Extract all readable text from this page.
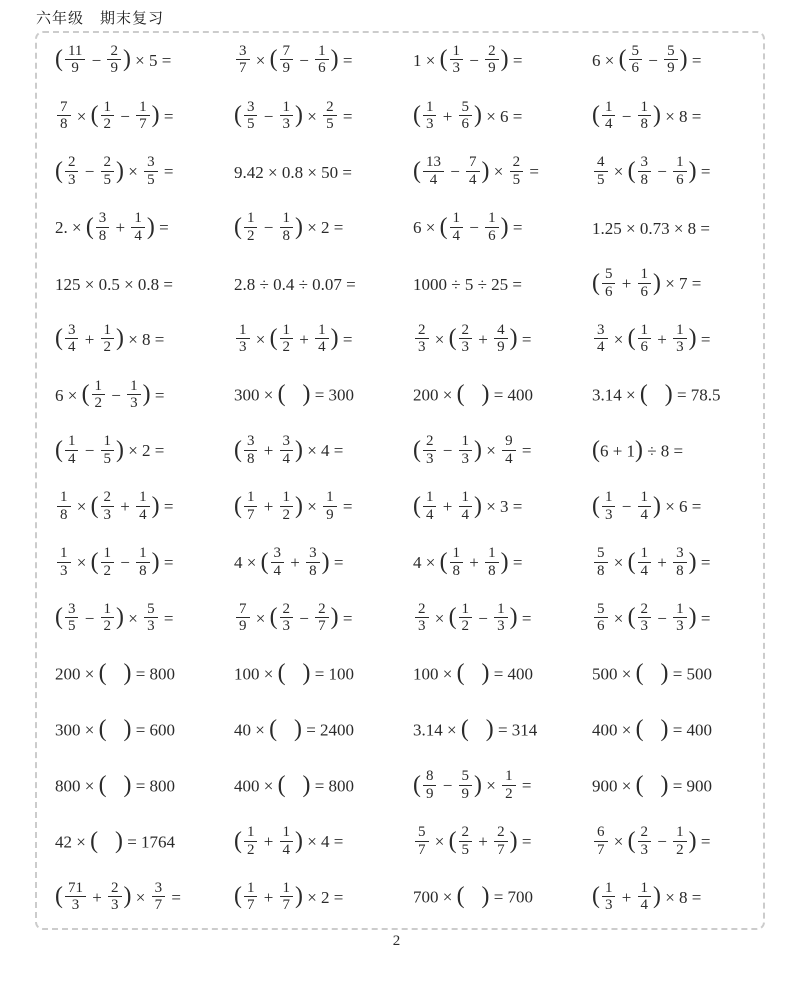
六年级　期末复习
( $\frac{11}{9} - \frac{2}{9}$ ) × 5 =	$\frac{3}{7}$ × ( $\frac{7}{9} - \frac{1}{6}$ ) =	1 × ( $\frac{1}{3} - \frac{2}{9}$ ) =	6 × ( $\frac{5}{6} - \frac{5}{9}$ ) =
$\frac{7}{8}$ × ( $\frac{1}{2} - \frac{1}{7}$ ) =	( $\frac{3}{5} - \frac{1}{3}$ ) × $\frac{2}{5}$ =	( $\frac{1}{3} + \frac{5}{6}$ ) × 6 =	( $\frac{1}{4} - \frac{1}{8}$ ) × 8 =
( $\frac{2}{3} - \frac{2}{5}$ ) × $\frac{3}{5}$ =	9.42 × 0.8 × 50 =	( $\frac{13}{4} - \frac{7}{4}$ ) × $\frac{2}{5}$ =	$\frac{4}{5}$ × ( $\frac{3}{8} - \frac{1}{6}$ ) =
2. × ( $\frac{3}{8} + \frac{1}{4}$ ) =	( $\frac{1}{2} - \frac{1}{8}$ ) × 2 =	6 × ( $\frac{1}{4} - \frac{1}{6}$ ) =	1.25 × 0.73 × 8 =
125 × 0.5 × 0.8 =	2.8 ÷ 0.4 ÷ 0.07 =	1000 ÷ 5 ÷ 25 =	( $\frac{5}{6} + \frac{1}{6}$ ) × 7 =
( $\frac{3}{4} + \frac{1}{2}$ ) × 8 =	$\frac{1}{3}$ × ( $\frac{1}{2} + \frac{1}{4}$ ) =	$\frac{2}{3}$ × ( $\frac{2}{3} + \frac{4}{9}$ ) =	$\frac{3}{4}$ × ( $\frac{1}{6} + \frac{1}{3}$ ) =
6 × ( $\frac{1}{2} - \frac{1}{3}$ ) =	300 × ( ) = 300	200 × ( ) = 400	3.14 × ( ) = 78.5
( $\frac{1}{4} - \frac{1}{5}$ ) × 2 =	( $\frac{3}{8} + \frac{3}{4}$ ) × 4 =	( $\frac{2}{3} - \frac{1}{3}$ ) × $\frac{9}{4}$ =	(6 + 1) ÷ 8 =
$\frac{1}{8}$ × ( $\frac{2}{3} + \frac{1}{4}$ ) =	( $\frac{1}{7} + \frac{1}{2}$ ) × $\frac{1}{9}$ =	( $\frac{1}{4} + \frac{1}{4}$ ) × 3 =	( $\frac{1}{3} - \frac{1}{4}$ ) × 6 =
$\frac{1}{3}$ × ( $\frac{1}{2} - \frac{1}{8}$ ) =	4 × ( $\frac{3}{4} + \frac{3}{8}$ ) =	4 × ( $\frac{1}{8} + \frac{1}{8}$ ) =	$\frac{5}{8}$ × ( $\frac{1}{4} + \frac{3}{8}$ ) =
( $\frac{3}{5} - \frac{1}{2}$ ) × $\frac{5}{3}$ =	$\frac{7}{9}$ × ( $\frac{2}{3} - \frac{2}{7}$ ) =	$\frac{2}{3}$ × ( $\frac{1}{2} - \frac{1}{3}$ ) =	$\frac{5}{6}$ × ( $\frac{2}{3} - \frac{1}{3}$ ) =
200 × ( ) = 800	100 × ( ) = 100	100 × ( ) = 400	500 × ( ) = 500
300 × ( ) = 600	40 × ( ) = 2400	3.14 × ( ) = 314	400 × ( ) = 400
800 × ( ) = 800	400 × ( ) = 800	( $\frac{8}{9} - \frac{5}{9}$ ) × $\frac{1}{2}$ =	900 × ( ) = 900
42 × ( ) = 1764	( $\frac{1}{2} + \frac{1}{4}$ ) × 4 =	$\frac{5}{7}$ × ( $\frac{2}{5} + \frac{2}{7}$ ) =	$\frac{6}{7}$ × ( $\frac{2}{3} - \frac{1}{2}$ ) =
( $\frac{71}{3} + \frac{2}{3}$ ) × $\frac{3}{7}$ =	( $\frac{1}{7} + \frac{1}{7}$ ) × 2 =	700 × ( ) = 700	( $\frac{1}{3} + \frac{1}{4}$ ) × 8 =
2
